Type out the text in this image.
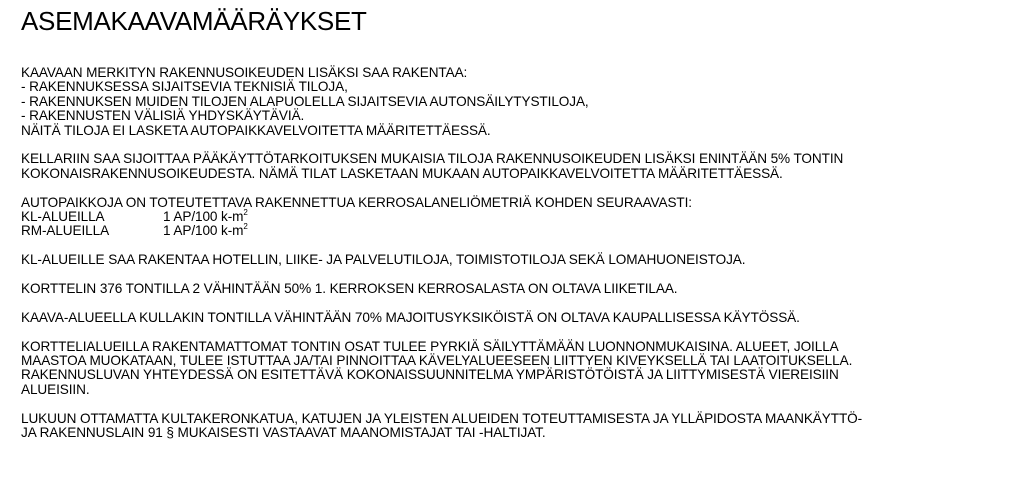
ASEMAKAAVAMÄÄRÄYKSET
KAAVAAN MERKITYN RAKENNUSOIKEUDEN LISÄKSI SAA RAKENTAA:
- RAKENNUKSESSA SIJAITSEVIA TEKNISIÄ TILOJA,
- RAKENNUKSEN MUIDEN TILOJEN ALAPUOLELLA SIJAITSEVIA AUTONSÄILYTYSTILOJA,
- RAKENNUSTEN VÄLISIÄ YHDYSKÄYTÄVIÄ.
NÄITÄ TILOJA EI LASKETA AUTOPAIKKAVELVOITETTA MÄÄRITETTÄESSÄ.
KELLARIIN SAA SIJOITTAA PÄÄKÄYTTÖTARKOITUKSEN MUKAISIA TILOJA RAKENNUSOIKEUDEN LISÄKSI ENINTÄÄN 5% TONTIN
KOKONAISRAKENNUSOIKEUDESTA. NÄMÄ TILAT LASKETAAN MUKAAN AUTOPAIKKAVELVOITETTA MÄÄRITETTÄESSÄ.
AUTOPAIKKOJA ON TOTEUTETTAVA RAKENNETTUA KERROSALANELIÖMETRIÄ KOHDEN SEURAAVASTI:
KL-ALUEILLA	1 AP/100 $k-m^2$
RM-ALUEILLA	1 AP/100 $k-m^2$
KL-ALUEILLE SAA RAKENTAA HOTELLIN, LIIKE- JA PALVELUTILOJA, TOIMISTOTILOJA SEKÄ LOMAHUONEISTOJA.
KORTTELIN 376 TONTILLA 2 VÄHINTÄÄN 50% 1. KERROKSEN KERROSALASTA ON OLTAVA LIIKETILAA.
KAAVA-ALUEELLA KULLAKIN TONTILLA VÄHINTÄÄN 70% MAJOITUSYKSIKÖISTÄ ON OLTAVA KAUPALLISESSA KÄYTÖSSÄ.
KORTTELIALUEILLA RAKENTAMATTOMAT TONTIN OSAT TULEE PYRKIÄ SÄILYTTÄMÄÄN LUONNONMUKAISINA. ALUEET, JOILLA
MAASTOA MUOKATAAN, TULEE ISTUTTAA JA/TAI PINNOITTAA KÄVELYALUEESEEN LIITTYEN KIVEYKSELLÄ TAI LAATOITUKSELLA.
RAKENNUSLUVAN YHTEYDESSÄ ON ESITETTÄVÄ KOKONAISSUUNNITELMA YMPÄRISTÖTÖISTÄ JA LIITTYMISESTÄ VIEREISIIN
ALUEISIIN.
LUKUUN OTTAMATTA KULTAKERONKATUA, KATUJEN JA YLEISTEN ALUEIDEN TOTEUTTAMISESTA JA YLLÄPIDOSTA MAANKÄYTTÖ-
JA RAKENNUSLAIN 91 § MUKAISESTI VASTAAVAT MAANOMISTAJAT TAI -HALTIJAT.
